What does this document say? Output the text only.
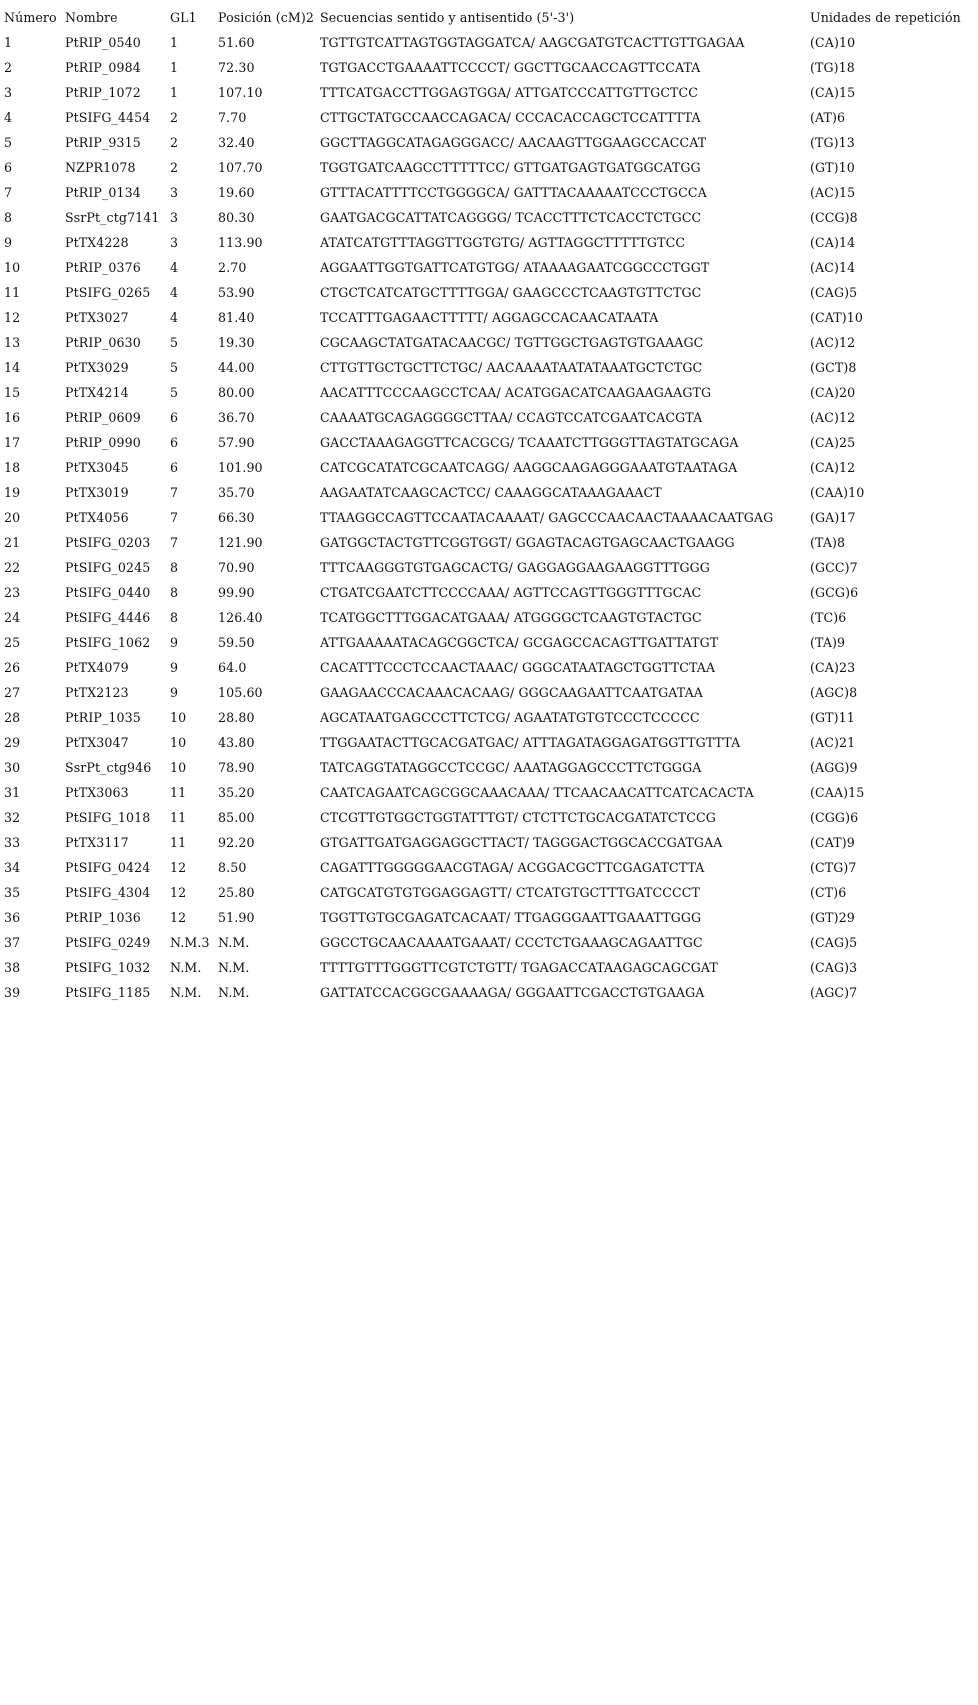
Número	Nombre	GL1	Posición (cM)2	Secuencias sentido y antisentido (5'-3')	Unidades de repetición
1	PtRIP_0540	1	51.60	TGTTGTCATTAGTGGTAGGATCA/ AAGCGATGTCACTTGTTGAGAA	(CA)10
2	PtRIP_0984	1	72.30	TGTGACCTGAAAATTCCCCT/ GGCTTGCAACCAGTTCCATA	(TG)18
3	PtRIP_1072	1	107.10	TTTCATGACCTTGGAGTGGA/ ATTGATCCCATTGTTGCTCC	(CA)15
4	PtSIFG_4454	2	7.70	CTTGCTATGCCAACCAGACA/ CCCACACCAGCTCCATTTTA	(AT)6
5	PtRIP_9315	2	32.40	GGCTTAGGCATAGAGGGACC/ AACAAGTTGGAAGCCACCAT	(TG)13
6	NZPR1078	2	107.70	TGGTGATCAAGCCTTTTTCC/ GTTGATGAGTGATGGCATGG	(GT)10
7	PtRIP_0134	3	19.60	GTTTACATTTTCCTGGGGCA/ GATTTACAAAAATCCCTGCCA	(AC)15
8	SsrPt_ctg7141	3	80.30	GAATGACGCATTATCAGGGG/ TCACCTTTCTCACCTCTGCC	(CCG)8
9	PtTX4228	3	113.90	ATATCATGTTTAGGTTGGTGTG/ AGTTAGGCTTTTTGTCC	(CA)14
10	PtRIP_0376	4	2.70	AGGAATTGGTGATTCATGTGG/ ATAAAAGAATCGGCCCTGGT	(AC)14
11	PtSIFG_0265	4	53.90	CTGCTCATCATGCTTTTGGA/ GAAGCCCTCAAGTGTTCTGC	(CAG)5
12	PtTX3027	4	81.40	TCCATTTGAGAACTTTTT/ AGGAGCCACAACATAATA	(CAT)10
13	PtRIP_0630	5	19.30	CGCAAGCTATGATACAACGC/ TGTTGGCTGAGTGTGAAAGC	(AC)12
14	PtTX3029	5	44.00	CTTGTTGCTGCTTCTGC/ AACAAAATAATATAAATGCTCTGC	(GCT)8
15	PtTX4214	5	80.00	AACATTTCCCAAGCCTCAA/ ACATGGACATCAAGAAGAAGTG	(CA)20
16	PtRIP_0609	6	36.70	CAAAATGCAGAGGGGCTTAA/ CCAGTCCATCGAATCACGTA	(AC)12
17	PtRIP_0990	6	57.90	GACCTAAAGAGGTTCACGCG/ TCAAATCTTGGGTTAGTATGCAGA	(CA)25
18	PtTX3045	6	101.90	CATCGCATATCGCAATCAGG/ AAGGCAAGAGGGAAATGTAATAGA	(CA)12
19	PtTX3019	7	35.70	AAGAATATCAAGCACTCC/ CAAAGGCATAAAGAAACT	(CAA)10
20	PtTX4056	7	66.30	TTAAGGCCAGTTCCAATACAAAAT/ GAGCCCAACAACTAAAACAATGAG	(GA)17
21	PtSIFG_0203	7	121.90	GATGGCTACTGTTCGGTGGT/ GGAGTACAGTGAGCAACTGAAGG	(TA)8
22	PtSIFG_0245	8	70.90	TTTCAAGGGTGTGAGCACTG/ GAGGAGGAAGAAGGTTTGGG	(GCC)7
23	PtSIFG_0440	8	99.90	CTGATCGAATCTTCCCCAAA/ AGTTCCAGTTGGGTTTGCAC	(GCG)6
24	PtSIFG_4446	8	126.40	TCATGGCTTTGGACATGAAA/ ATGGGGCTCAAGTGTACTGC	(TC)6
25	PtSIFG_1062	9	59.50	ATTGAAAAATACAGCGGCTCA/ GCGAGCCACAGTTGATTATGT	(TA)9
26	PtTX4079	9	64.0	CACATTTCCCTCCAACTAAAC/ GGGCATAATAGCTGGTTCTAA	(CA)23
27	PtTX2123	9	105.60	GAAGAACCCACAAACACAAG/ GGGCAAGAATTCAATGATAA	(AGC)8
28	PtRIP_1035	10	28.80	AGCATAATGAGCCCTTCTCG/ AGAATATGTGTCCCTCCCCC	(GT)11
29	PtTX3047	10	43.80	TTGGAATACTTGCACGATGAC/ ATTTAGATAGGAGATGGTTGTTTA	(AC)21
30	SsrPt_ctg946	10	78.90	TATCAGGTATAGGCCTCCGC/ AAATAGGAGCCCTTCTGGGA	(AGG)9
31	PtTX3063	11	35.20	CAATCAGAATCAGCGGCAAACAAA/ TTCAACAACATTCATCACACTA	(CAA)15
32	PtSIFG_1018	11	85.00	CTCGTTGTGGCTGGTATTTGT/ CTCTTCTGCACGATATCTCCG	(CGG)6
33	PtTX3117	11	92.20	GTGATTGATGAGGAGGCTTACT/ TAGGGACTGGCACCGATGAA	(CAT)9
34	PtSIFG_0424	12	8.50	CAGATTTGGGGGAACGTAGA/ ACGGACGCTTCGAGATCTTA	(CTG)7
35	PtSIFG_4304	12	25.80	CATGCATGTGTGGAGGAGTT/ CTCATGTGCTTTGATCCCCT	(CT)6
36	PtRIP_1036	12	51.90	TGGTTGTGCGAGATCACAAT/ TTGAGGGAATTGAAATTGGG	(GT)29
37	PtSIFG_0249	N.M.3	N.M.	GGCCTGCAACAAAATGAAAT/ CCCTCTGAAAGCAGAATTGC	(CAG)5
38	PtSIFG_1032	N.M.	N.M.	TTTTGTTTGGGTTCGTCTGTT/ TGAGACCATAAGAGCAGCGAT	(CAG)3
39	PtSIFG_1185	N.M.	N.M.	GATTATCCACGGCGAAAAGA/ GGGAATTCGACCTGTGAAGA	(AGC)7
